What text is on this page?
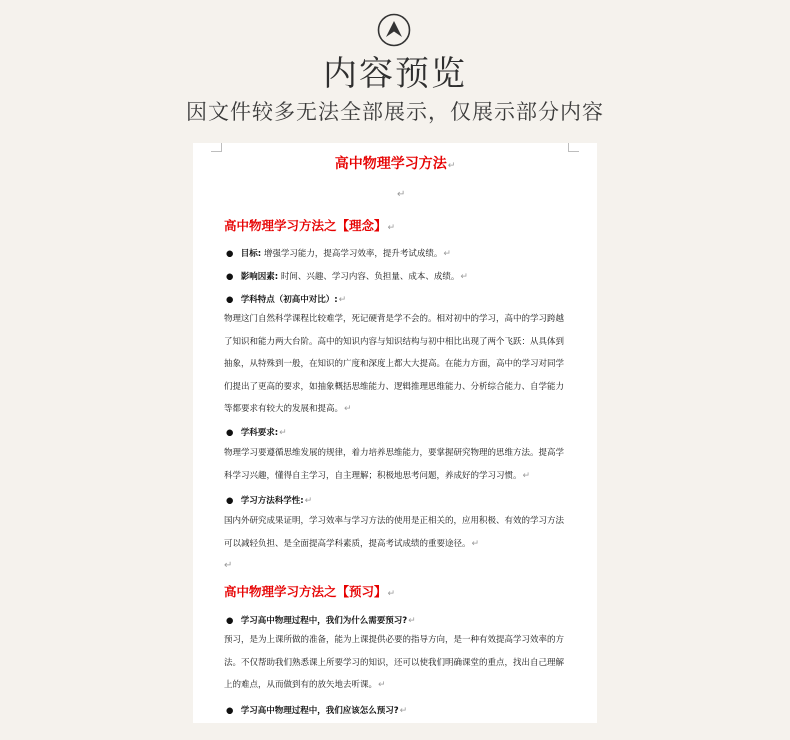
内容预览
因文件较多无法全部展示，仅展示部分内容
高中物理学习方法↵
↵
高中物理学习方法之【理念】↵
● 目标: 增强学习能力，提高学习效率，提升考试成绩。↵
● 影响因素: 时间、兴趣、学习内容、负担量、成本、成绩。↵
● 学科特点（初高中对比）:↵
物理这门自然科学课程比较难学，死记硬背是学不会的。相对初中的学习，高中的学习跨越
了知识和能力两大台阶。高中的知识内容与知识结构与初中相比出现了两个飞跃：从具体到
抽象，从特殊到一般，在知识的广度和深度上都大大提高。在能力方面，高中的学习对同学
们提出了更高的要求，如抽象概括思维能力、逻辑推理思维能力、分析综合能力、自学能力
等都要求有较大的发展和提高。↵
● 学科要求:↵
物理学习要遵循思维发展的规律，着力培养思维能力，要掌握研究物理的思维方法。提高学
科学习兴趣，懂得自主学习，自主理解；积极地思考问题，养成好的学习习惯。↵
● 学习方法科学性:↵
国内外研究成果证明，学习效率与学习方法的使用是正相关的，应用积极、有效的学习方法
可以减轻负担、是全面提高学科素质，提高考试成绩的重要途径。↵
↵
高中物理学习方法之【预习】↵
● 学习高中物理过程中，我们为什么需要预习?↵
预习，是为上课所做的准备，能为上课提供必要的指导方向，是一种有效提高学习效率的方
法。不仅帮助我们熟悉课上所要学习的知识，还可以使我们明确课堂的重点，找出自己理解
上的难点，从而做到有的放矢地去听课。↵
● 学习高中物理过程中，我们应该怎么预习?↵
